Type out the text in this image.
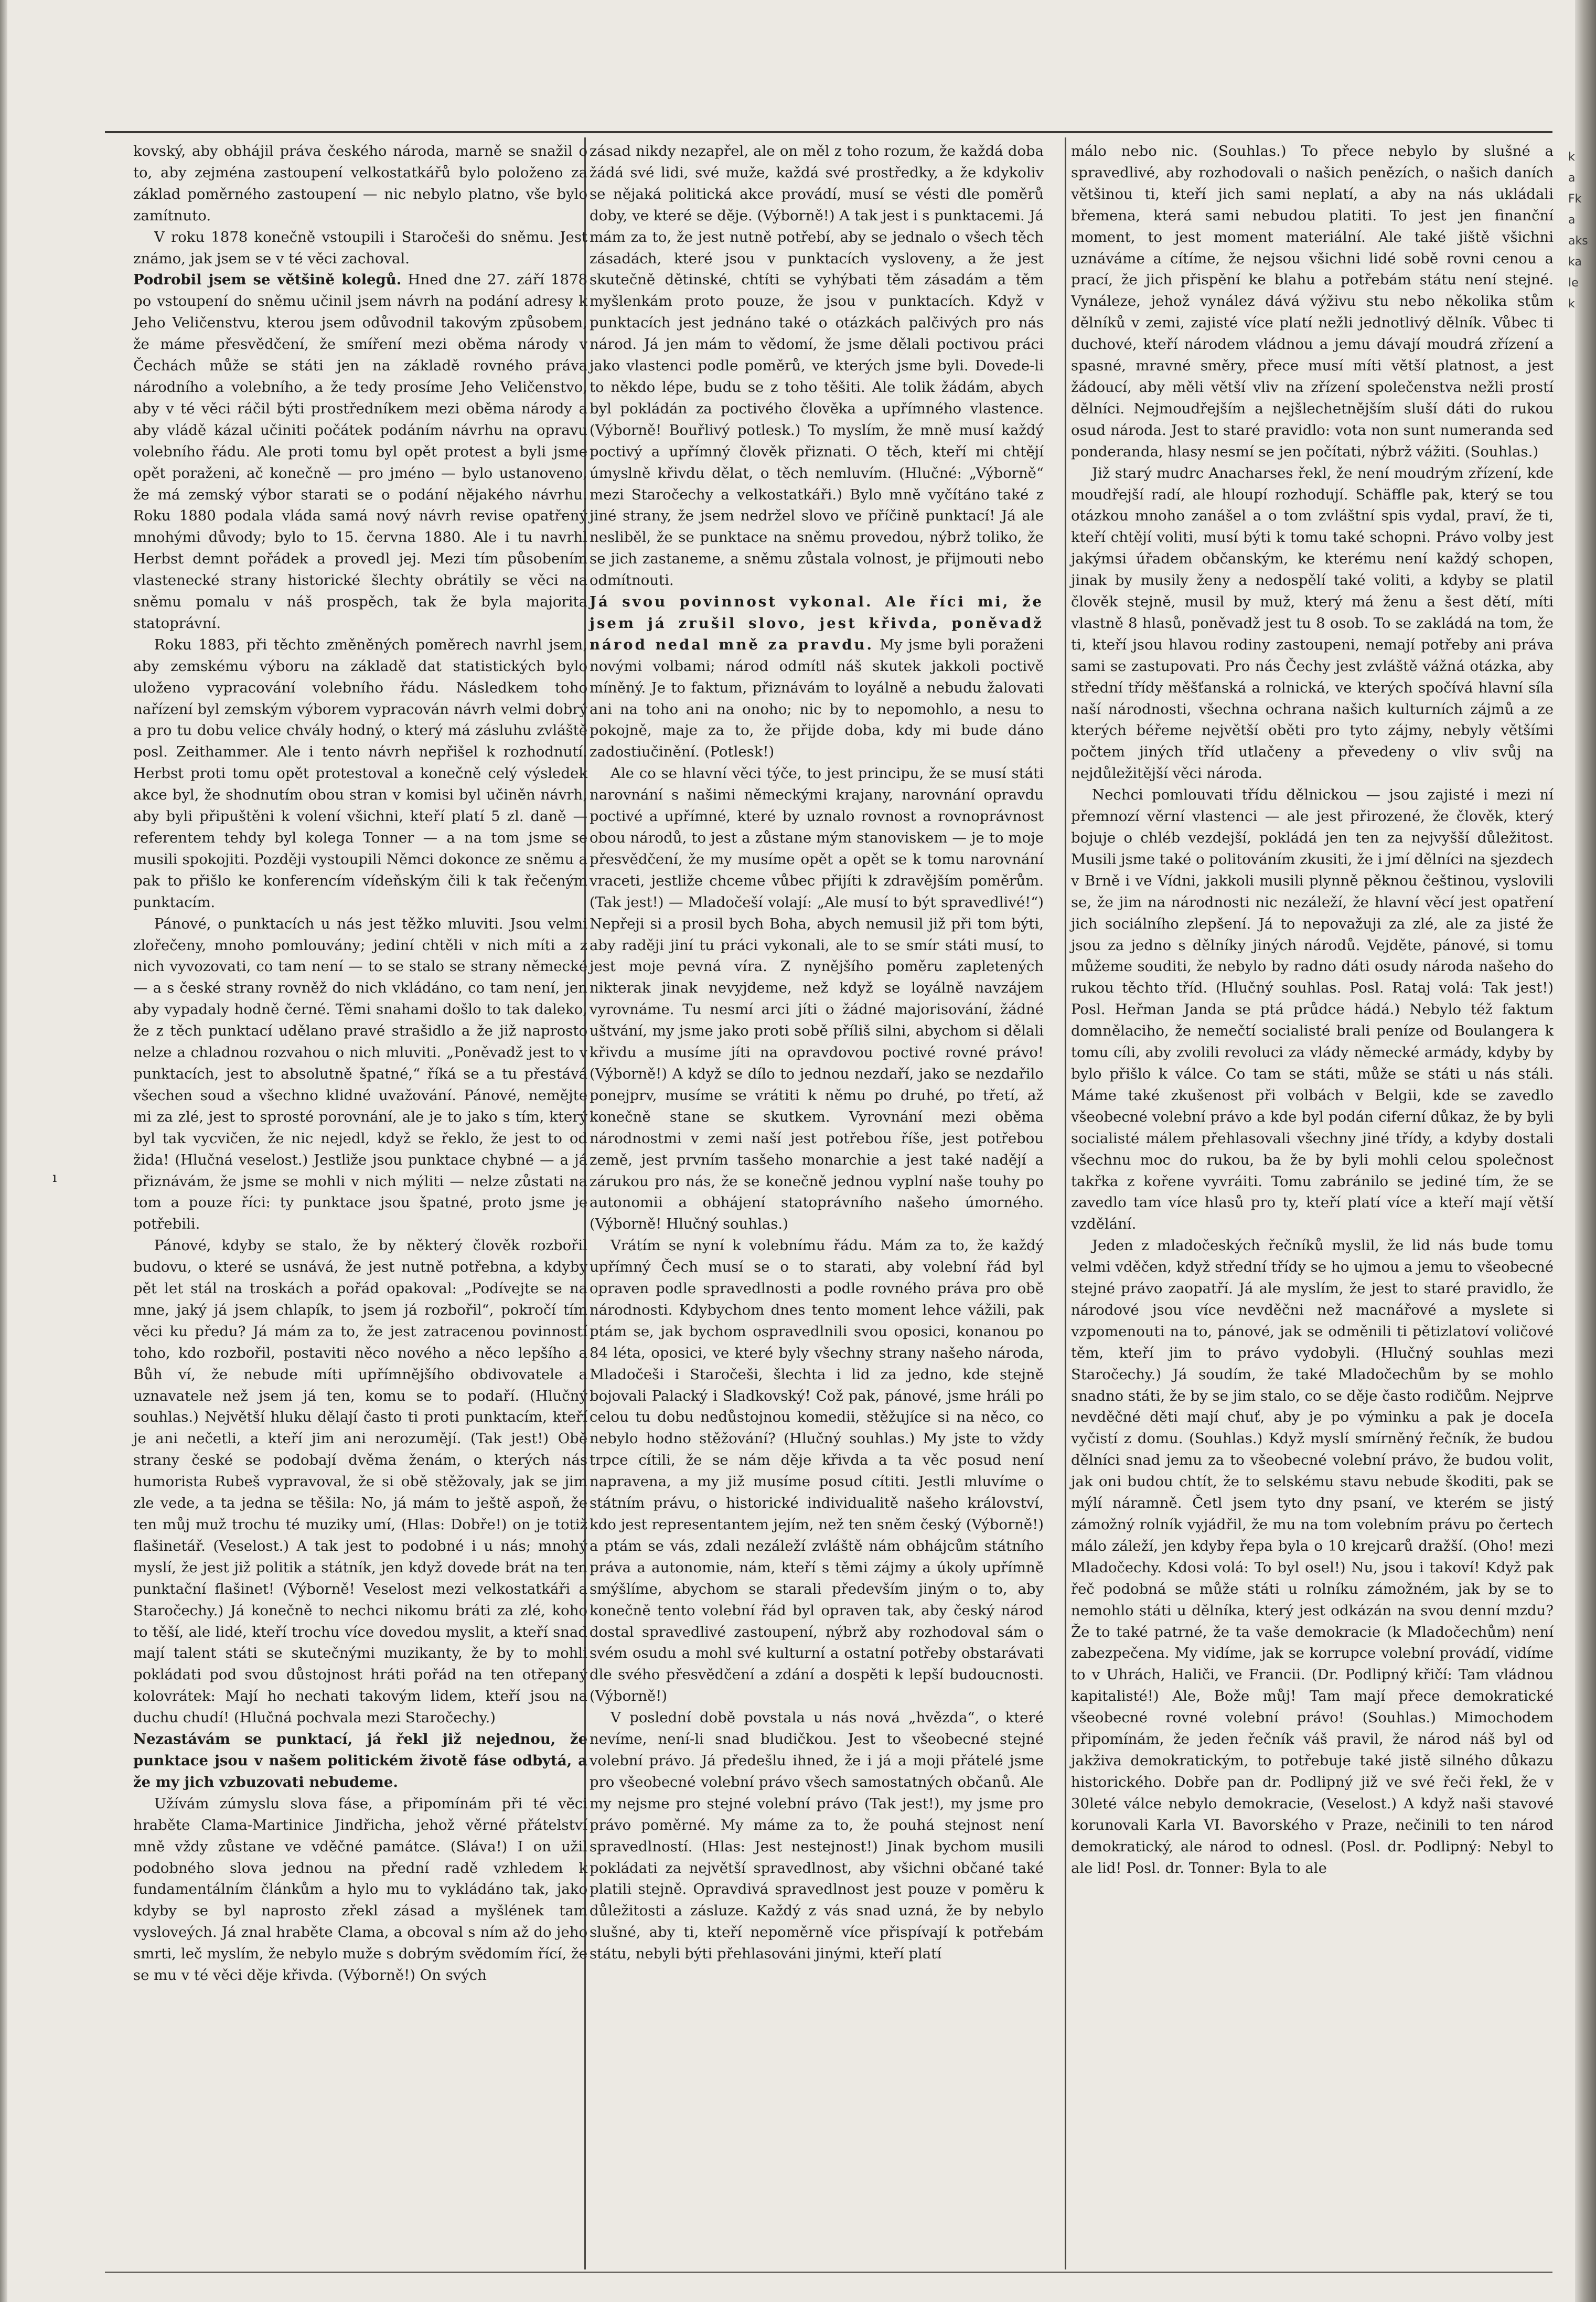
kovský, aby obhájil práva českého národa, marně se snažil o to, aby zejména zastoupení velkostatkářů bylo položeno za základ poměrného zastoupení — nic nebylo platno, vše bylo zamítnuto.

V roku 1878 konečně vstoupili i Staročeši do sněmu. Jest známo, jak jsem se v té věci zachoval.

Podrobil jsem se většině kolegů. Hned dne 27. září 1878 po vstoupení do sněmu učinil jsem návrh na podání adresy k Jeho Veličenstvu, kterou jsem odůvodnil takovým způsobem, že máme přesvědčení, že smíření mezi oběma národy v Čechách může se státi jen na základě rovného práva národního a volebního, a že tedy prosíme Jeho Veličenstvo, aby v té věci ráčil býti prostředníkem mezi oběma národy a aby vládě kázal učiniti počátek podáním návrhu na opravu volebního řádu. Ale proti tomu byl opět protest a byli jsme opět poraženi, ač konečně — pro jméno — bylo ustanoveno, že má zemský výbor starati se o podání nějakého návrhu. Roku 1880 podala vláda samá nový návrh revise opatřený mnohými důvody; bylo to 15. června 1880. Ale i tu navrhl Herbst demnt pořádek a provedl jej. Mezi tím působením vlastenecké strany historické šlechty obrátily se věci na sněmu pomalu v náš prospěch, tak že byla majorita statoprávní.

Roku 1883, při těchto změněných poměrech navrhl jsem, aby zemskému výboru na základě dat statistických bylo uloženo vypracování volebního řádu. Následkem toho nařízení byl zemským výborem vypracován návrh velmi dobrý a pro tu dobu velice chvály hodný, o který má zásluhu zvláště posl. Zeithammer. Ale i tento návrh nepřišel k rozhodnutí. Herbst proti tomu opět protestoval a konečně celý výsledek akce byl, že shodnutím obou stran v komisi byl učiněn návrh, aby byli připuštěni k volení všichni, kteří platí 5 zl. daně — referentem tehdy byl kolega Tonner — a na tom jsme se musili spokojiti. Později vystoupili Němci dokonce ze sněmu a pak to přišlo ke konferencím vídeňským čili k tak řečeným punktacím.

Pánové, o punktacích u nás jest těžko mluviti. Jsou velmi zlořečeny, mnoho pomlouvány; jediní chtěli v nich míti a z nich vyvozovati, co tam není — to se stalo se strany německé — a s české strany rovněž do nich vkládáno, co tam není, jen aby vypadaly hodně černé. Těmi snahami došlo to tak daleko, že z těch punktací udělano pravé strašidlo a že již naprosto nelze a chladnou rozvahou o nich mluviti. „Poněvadž jest to v punktacích, jest to absolutně špatné,“ říká se a tu přestává všechen soud a všechno klidné uvažování. Pánové, nemějte mi za zlé, jest to sprosté porovnání, ale je to jako s tím, který byl tak vycvičen, že nic nejedl, když se řeklo, že jest to od žida! (Hlučná veselost.) Jestliže jsou punktace chybné — a já přiznávám, že jsme se mohli v nich mýliti — nelze zůstati na tom a pouze říci: ty punktace jsou špatné, proto jsme je potřebili.

Pánové, kdyby se stalo, že by některý člověk rozbořil budovu, o které se usnává, že jest nutně potřebna, a kdyby pět let stál na troskách a pořád opakoval: „Podívejte se na mne, jaký já jsem chlapík, to jsem já rozbořil“, pokročí tím věci ku předu? Já mám za to, že jest zatracenou povinností toho, kdo rozbořil, postaviti něco nového a něco lepšího a Bůh ví, že nebude míti upřímnějšího obdivovatele a uznavatele než jsem já ten, komu se to podaří. (Hlučný souhlas.) Největší hluku dělají často ti proti punktacím, kteří je ani nečetli, a kteří jim ani nerozumějí. (Tak jest!) Obě strany české se podobají dvěma ženám, o kterých nás humorista Rubeš vypravoval, že si obě stěžovaly, jak se jim zle vede, a ta jedna se těšila: No, já mám to ještě aspoň, že ten můj muž trochu té muziky umí, (Hlas: Dobře!) on je totiž flašinetář. (Veselost.) A tak jest to podobné i u nás; mnohý myslí, že jest již politik a státník, jen když dovede brát na ten punktační flašinet! (Výborně! Veselost mezi velkostatkáři a Staročechy.) Já konečně to nechci nikomu bráti za zlé, koho to těší, ale lidé, kteří trochu více dovedou myslit, a kteří snad mají talent státi se skutečnými muzikanty, že by to mohli pokládati pod svou důstojnost hráti pořád na ten otřepaný kolovrátek: Mají ho nechati takovým lidem, kteří jsou na duchu chudí! (Hlučná pochvala mezi Staročechy.)

Nezastávám se punktací, já řekl již nejednou, že punktace jsou v našem politickém životě fáse odbytá, a že my jich vzbuzovati nebudeme.

Užívám zúmyslu slova fáse, a připomínám při té věci hraběte Clama-Martinice Jindřicha, jehož věrné přátelství mně vždy zůstane ve vděčné památce. (Sláva!) I on užil podobného slova jednou na přední radě vzhledem k fundamentálním článkům a hylo mu to vykládáno tak, jako kdyby se byl naprosto zřekl zásad a myšlének tam vysloveých. Já znal hraběte Clama, a obcoval s ním až do jeho smrti, leč myslím, že nebylo muže s dobrým svědomím řící, že se mu v té věci děje křivda. (Výborně!) On svých

zásad nikdy nezapřel, ale on měl z toho rozum, že každá doba žádá své lidi, své muže, každá své prostředky, a že kdykoliv se nějaká politická akce provádí, musí se vésti dle poměrů doby, ve které se děje. (Výborně!) A tak jest i s punktacemi. Já mám za to, že jest nutně potřebí, aby se jednalo o všech těch zásadách, které jsou v punktacích vysloveny, a že jest skutečně dětinské, chtíti se vyhýbati těm zásadám a těm myšlenkám proto pouze, že jsou v punktacích. Když v punktacích jest jednáno také o otázkách palčivých pro nás národ. Já jen mám to vědomí, že jsme dělali poctivou práci jako vlastenci podle poměrů, ve kterých jsme byli. Dovede-li to někdo lépe, budu se z toho těšiti. Ale tolik žádám, abych byl pokládán za poctivého člověka a upřímného vlastence. (Výborně! Bouřlivý potlesk.) To myslím, že mně musí každý poctivý a upřímný člověk přiznati. O těch, kteří mi chtějí úmyslně křivdu dělat, o těch nemluvím. (Hlučné: „Výborně“ mezi Staročechy a velkostatkáři.) Bylo mně vyčítáno také z jiné strany, že jsem nedržel slovo ve příčině punktací! Já ale nesliběl, že se punktace na sněmu provedou, nýbrž toliko, že se jich zastaneme, a sněmu zůstala volnost, je přijmouti nebo odmítnouti.

Já svou povinnost vykonal. Ale říci mi, že jsem já zrušil slovo, jest křivda, poněvadž národ nedal mně za pravdu. My jsme byli poraženi novými volbami; národ odmítl náš skutek jakkoli poctivě míněný. Je to faktum, přiznávám to loyálně a nebudu žalovati ani na toho ani na onoho; nic by to nepomohlo, a nesu to pokojně, maje za to, že přijde doba, kdy mi bude dáno zadostiučinění. (Potlesk!)

Ale co se hlavní věci týče, to jest principu, že se musí státi narovnání s našimi německými krajany, narovnání opravdu poctivé a upřímné, které by uznalo rovnost a rovnoprávnost obou národů, to jest a zůstane mým stanoviskem — je to moje přesvědčení, že my musíme opět a opět se k tomu narovnání vraceti, jestliže chceme vůbec přijíti k zdravějším poměrům. (Tak jest!) — Mladočeší volají: „Ale musí to být spravedlivé!“) Nepřeji si a prosil bych Boha, abych nemusil již při tom býti, aby raději jiní tu práci vykonali, ale to se smír státi musí, to jest moje pevná víra. Z nynějšího poměru zapletených nikterak jinak nevyjdeme, než když se loyálně navzájem vyrovnáme. Tu nesmí arci jíti o žádné majorisování, žádné uštvání, my jsme jako proti sobě příliš silni, abychom si dělali křivdu a musíme jíti na opravdovou poctivé rovné právo! (Výborně!) A když se dílo to jednou nezdaří, jako se nezdařilo ponejprv, musíme se vrátiti k němu po druhé, po třetí, až konečně stane se skutkem. Vyrovnání mezi oběma národnostmi v zemi naší jest potřebou říše, jest potřebou země, jest prvním tasšeho monarchie a jest také nadějí a zárukou pro nás, že se konečně jednou vyplní naše touhy po autonomii a obhájení statoprávního našeho úmorného. (Výborně! Hlučný souhlas.)

Vrátím se nyní k volebnímu řádu. Mám za to, že každý upřímný Čech musí se o to starati, aby volební řád byl opraven podle spravedlnosti a podle rovného práva pro obě národnosti. Kdybychom dnes tento moment lehce vážili, pak ptám se, jak bychom ospravedlnili svou oposici, konanou po 84 léta, oposici, ve které byly všechny strany našeho národa, Mladočeši i Staročeši, šlechta i lid za jedno, kde stejně bojovali Palacký i Sladkovský! Což pak, pánové, jsme hráli po celou tu dobu nedůstojnou komedii, stěžujíce si na něco, co nebylo hodno stěžování? (Hlučný souhlas.) My jste to vždy trpce cítili, že se nám děje křivda a ta věc posud není napravena, a my již musíme posud cítiti. Jestli mluvíme o státním právu, o historické individualitě našeho království, kdo jest representantem jejím, než ten sněm český (Výborně!) a ptám se vás, zdali nezáleží zvláště nám obhájcům státního práva a autonomie, nám, kteří s těmi zájmy a úkoly upřímně smýšlíme, abychom se starali především jiným o to, aby konečně tento volební řád byl opraven tak, aby český národ dostal spravedlivé zastoupení, nýbrž aby rozhodoval sám o svém osudu a mohl své kulturní a ostatní potřeby obstarávati dle svého přesvědčení a zdání a dospěti k lepší budoucnosti. (Výborně!)

V poslední době povstala u nás nová „hvězda“, o které nevíme, není-li snad bludičkou. Jest to všeobecné stejné volební právo. Já předešlu ihned, že i já a moji přátelé jsme pro všeobecné volební právo všech samostatných občanů. Ale my nejsme pro stejné volební právo (Tak jest!), my jsme pro právo poměrné. My máme za to, že pouhá stejnost není spravedlností. (Hlas: Jest nestejnost!) Jinak bychom musili pokládati za největší spravedlnost, aby všichni občané také platili stejně. Opravdivá spravedlnost jest pouze v poměru k důležitosti a zásluze. Každý z vás snad uzná, že by nebylo slušné, aby ti, kteří nepoměrně více přispívají k potřebám státu, nebyli býti přehlasováni jinými, kteří platí

málo nebo nic. (Souhlas.) To přece nebylo by slušné a spravedlivé, aby rozhodovali o našich penězích, o našich daních většinou ti, kteří jich sami neplatí, a aby na nás ukládali břemena, která sami nebudou platiti. To jest jen finanční moment, to jest moment materiální. Ale také jiště všichni uznáváme a cítíme, že nejsou všichni lidé sobě rovni cenou a prací, že jich přispění ke blahu a potřebám státu není stejné. Vynáleze, jehož vynález dává výživu stu nebo několika stům dělníků v zemi, zajisté více platí nežli jednotlivý dělník. Vůbec ti duchové, kteří národem vládnou a jemu dávají moudrá zřízení a spasné, mravné směry, přece musí míti větší platnost, a jest žádoucí, aby měli větší vliv na zřízení společenstva nežli prostí dělníci. Nejmoudřejším a nejšlechetnějším sluší dáti do rukou osud národa. Jest to staré pravidlo: vota non sunt numeranda sed ponderanda, hlasy nesmí se jen počítati, nýbrž vážiti. (Souhlas.)

Již starý mudrc Anacharses řekl, že není moudrým zřízení, kde moudřejší radí, ale hloupí rozhodují. Schäffle pak, který se tou otázkou mnoho zanášel a o tom zvláštní spis vydal, praví, že ti, kteří chtějí voliti, musí býti k tomu také schopni. Právo volby jest jakýmsi úřadem občanským, ke kterému není každý schopen, jinak by musily ženy a nedospělí také voliti, a kdyby se platil člověk stejně, musil by muž, který má ženu a šest dětí, míti vlastně 8 hlasů, poněvadž jest tu 8 osob. To se zakládá na tom, že ti, kteří jsou hlavou rodiny zastoupeni, nemají potřeby ani práva sami se zastupovati. Pro nás Čechy jest zvláště vážná otázka, aby střední třídy měšťanská a rolnická, ve kterých spočívá hlavní síla naší národnosti, všechna ochrana našich kulturních zájmů a ze kterých béřeme největší oběti pro tyto zájmy, nebyly většími počtem jiných tříd utlačeny a převedeny o vliv svůj na nejdůležitější věci národa.

Nechci pomlouvati třídu dělnickou — jsou zajisté i mezi ní přemnozí věrní vlastenci — ale jest přirozené, že člověk, který bojuje o chléb vezdejší, pokládá jen ten za nejvyšší důležitost. Musili jsme také o politováním zkusiti, že i jmí dělníci na sjezdech v Brně i ve Vídni, jakkoli musili plynně pěknou češtinou, vyslovili se, že jim na národnosti nic nezáleží, že hlavní věcí jest opatření jich sociálního zlepšení. Já to nepovažuji za zlé, ale za jisté že jsou za jedno s dělníky jiných národů. Vejděte, pánové, si tomu můžeme souditi, že nebylo by radno dáti osudy národa našeho do rukou těchto tříd. (Hlučný souhlas. Posl. Rataj volá: Tak jest!) Posl. Heřman Janda se ptá průdce hádá.) Nebylo též faktum domnělaciho, že nemečtí socialisté brali peníze od Boulangera k tomu cíli, aby zvolili revoluci za vlády německé armády, kdyby by bylo přišlo k válce. Co tam se státi, může se státi u nás stáli. Máme také zkušenost při volbách v Belgii, kde se zavedlo všeobecné volební právo a kde byl podán ciferní důkaz, že by byli socialisté málem přehlasovali všechny jiné třídy, a kdyby dostali všechnu moc do rukou, ba že by byli mohli celou společnost takřka z kořene vyvráiti. Tomu zabránilo se jediné tím, že se zavedlo tam více hlasů pro ty, kteří platí více a kteří mají větší vzdělání.

Jeden z mladočeských řečníků myslil, že lid nás bude tomu velmi vděčen, když střední třídy se ho ujmou a jemu to všeobecné stejné právo zaopatří. Já ale myslím, že jest to staré pravidlo, že národové jsou více nevděčni než macnářové a myslete si vzpomenouti na to, pánové, jak se odměnili ti pětizlatoví voličové těm, kteří jim to právo vydobyli. (Hlučný souhlas mezi Staročechy.) Já soudím, že také Mladočechům by se mohlo snadno státi, že by se jim stalo, co se děje často rodičům. Nejprve nevděčné děti mají chuť, aby je po výminku a pak je doceIa vyčistí z domu. (Souhlas.) Když myslí smírněný řečník, že budou dělníci snad jemu za to všeobecné volební právo, že budou volit, jak oni budou chtít, že to selskému stavu nebude škoditi, pak se mýlí náramně. Četl jsem tyto dny psaní, ve kterém se jistý zámožný rolník vyjádřil, že mu na tom volebním právu po čertech málo záleží, jen kdyby řepa byla o 10 krejcarů dražší. (Oho! mezi Mladočechy. Kdosi volá: To byl osel!) Nu, jsou i takoví! Když pak řeč podobná se může státi u rolníku zámožném, jak by se to nemohlo státi u dělníka, který jest odkázán na svou denní mzdu? Že to také patrné, že ta vaše demokracie (k Mladočechům) není zabezpečena. My vidíme, jak se korrupce volební provádí, vidíme to v Uhrách, Haliči, ve Francii. (Dr. Podlipný křičí: Tam vládnou kapitalisté!) Ale, Bože můj! Tam mají přece demokratické všeobecné rovné volební právo! (Souhlas.) Mimochodem připomínám, že jeden řečník váš pravil, že národ náš byl od jakživa demokratickým, to potřebuje také jistě silného důkazu historického. Dobře pan dr. Podlipný již ve své řeči řekl, že v 30leté válce nebylo demokracie, (Veselost.) A když naši stavové korunovali Karla VI. Bavorského v Praze, nečinili to ten národ demokratický, ale národ to odnesl. (Posl. dr. Podlipný: Nebyl to ale lid! Posl. dr. Tonner: Byla to ale

ı
k a Fk a aks ka le k
